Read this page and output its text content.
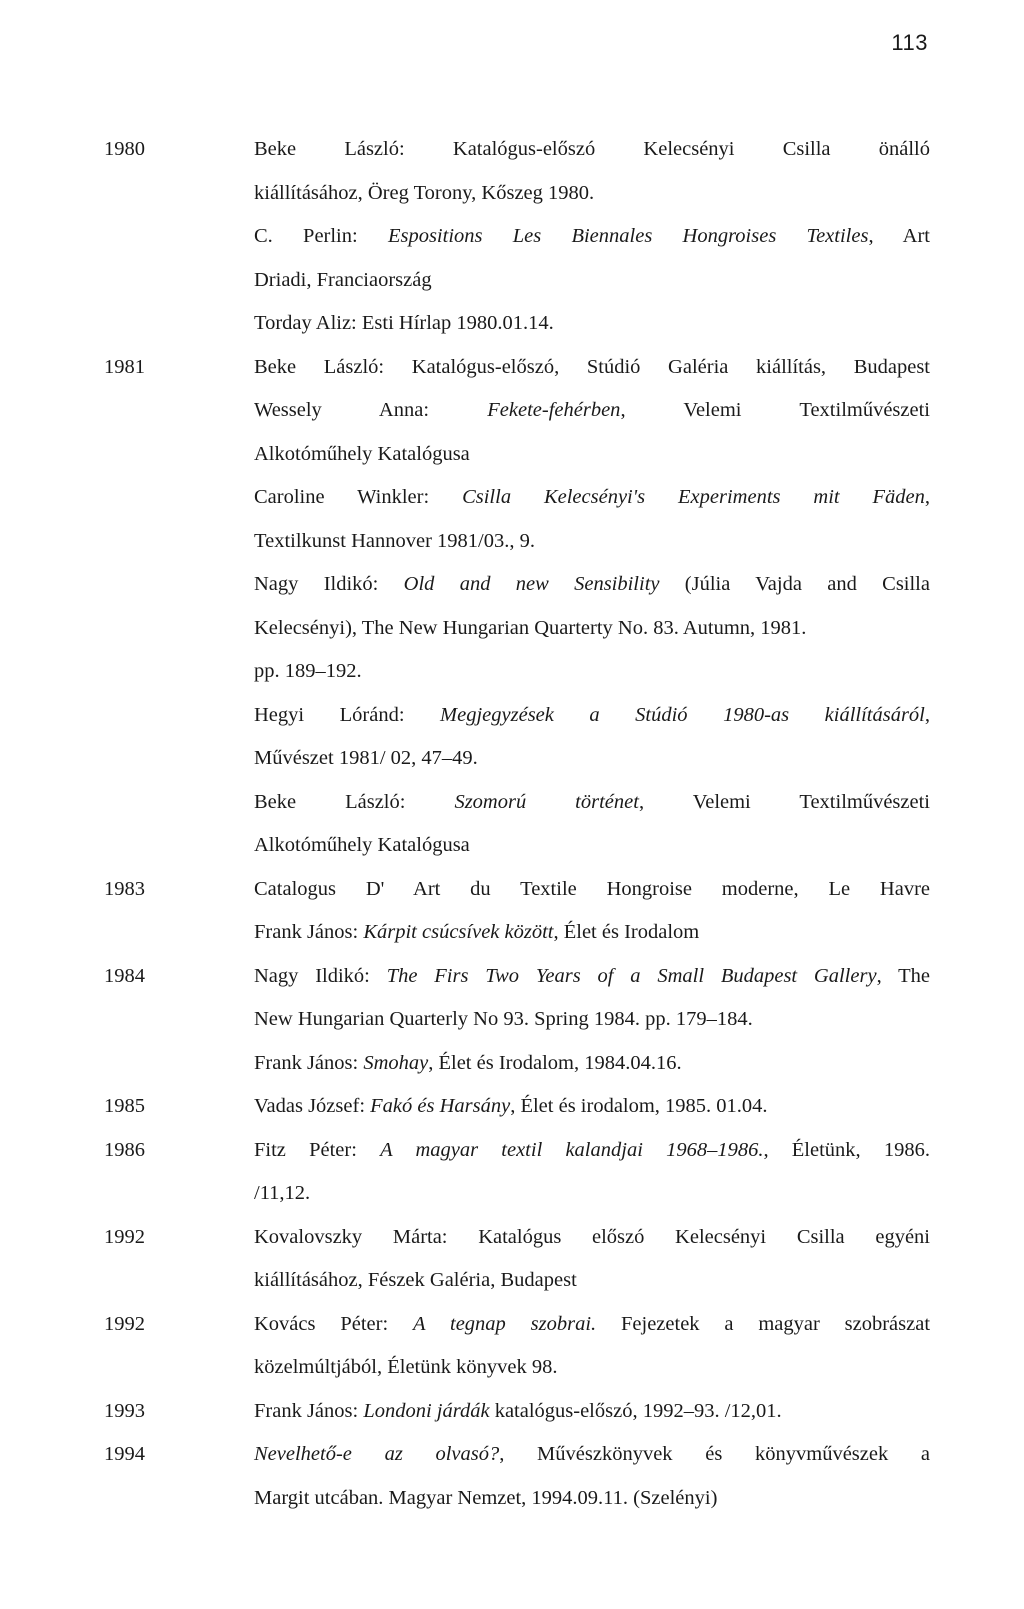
113
1980	Beke László: Katalógus-előszó Kelecsényi Csilla önálló
kiállításához, Öreg Torony, Kőszeg 1980.
C. Perlin: Espositions Les Biennales Hongroises Textiles, Art
Driadi, Franciaország
Torday Aliz: Esti Hírlap 1980.01.14.
1981	Beke László: Katalógus-előszó, Stúdió Galéria kiállítás, Budapest
Wessely Anna: Fekete-fehérben, Velemi Textilművészeti
Alkotóműhely Katalógusa
Caroline Winkler: Csilla Kelecsényi's Experiments mit Fäden,
Textilkunst Hannover 1981/03., 9.
Nagy Ildikó: Old and new Sensibility (Júlia Vajda and Csilla
Kelecsényi), The New Hungarian Quarterty No. 83. Autumn, 1981.
pp. 189–192.
Hegyi Lóránd: Megjegyzések a Stúdió 1980-as kiállításáról,
Művészet 1981/ 02, 47–49.
Beke László: Szomorú történet, Velemi Textilművészeti
Alkotóműhely Katalógusa
1983	Catalogus D' Art du Textile Hongroise moderne, Le Havre
Frank János: Kárpit csúcsívek között, Élet és Irodalom
1984	Nagy Ildikó: The Firs Two Years of a Small Budapest Gallery, The
New Hungarian Quarterly No 93. Spring 1984. pp. 179–184.
Frank János: Smohay, Élet és Irodalom, 1984.04.16.
1985	Vadas József: Fakó és Harsány, Élet és irodalom, 1985. 01.04.
1986	Fitz Péter: A magyar textil kalandjai 1968–1986., Életünk, 1986.
/11,12.
1992	Kovalovszky Márta: Katalógus előszó Kelecsényi Csilla egyéni
kiállításához, Fészek Galéria, Budapest
1992	Kovács Péter: A tegnap szobrai. Fejezetek a magyar szobrászat
közelmúltjából, Életünk könyvek 98.
1993	Frank János: Londoni járdák katalógus-előszó, 1992–93. /12,01.
1994	Nevelhető-e az olvasó?, Művészkönyvek és könyvművészek a
Margit utcában. Magyar Nemzet, 1994.09.11. (Szelényi)
